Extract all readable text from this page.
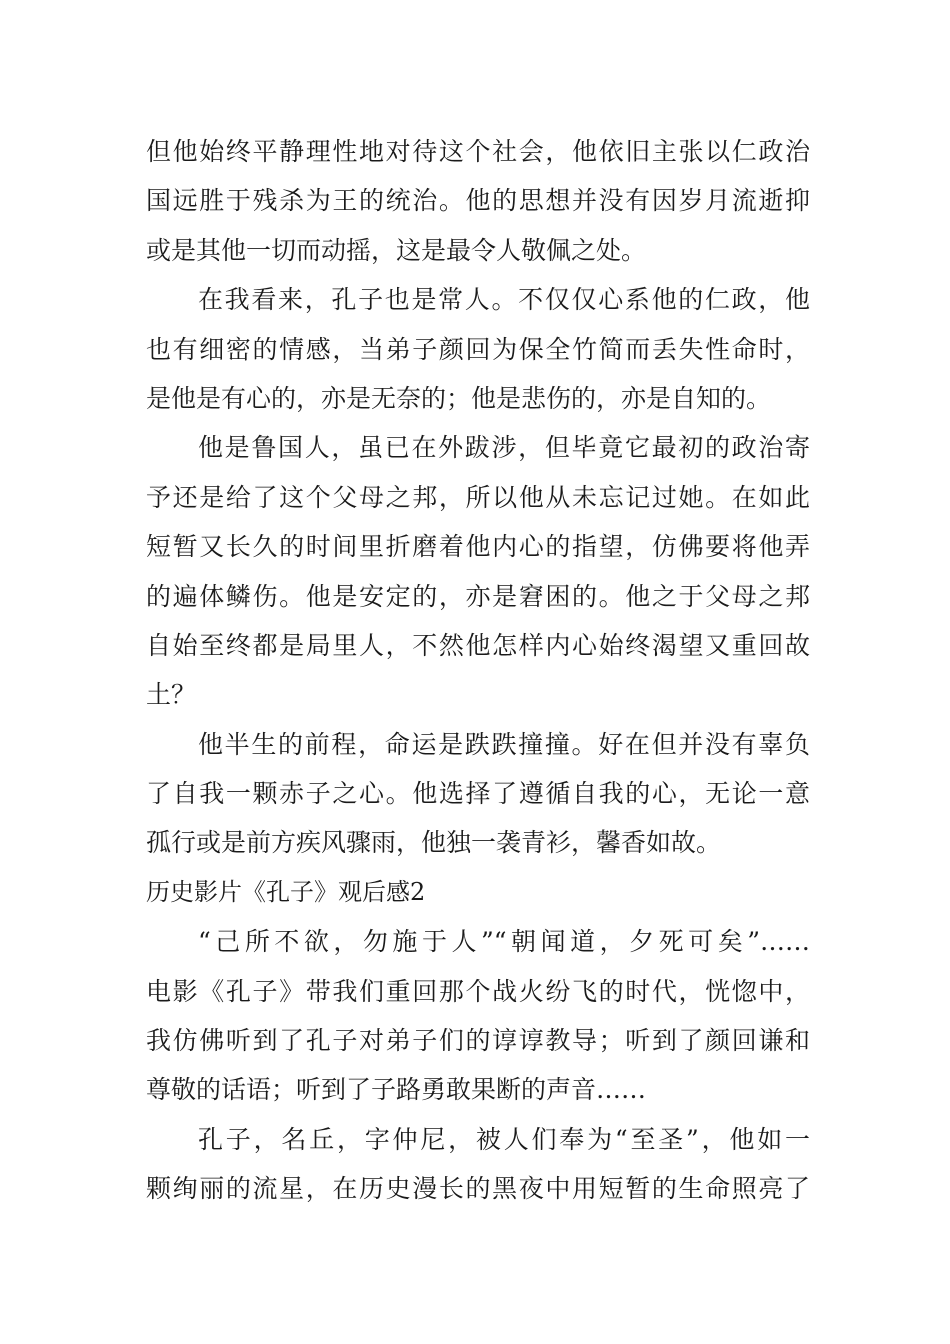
但他始终平静理性地对待这个社会，他依旧主张以仁政治
国远胜于残杀为王的统治。他的思想并没有因岁月流逝抑
或是其他一切而动摇，这是最令人敬佩之处。
在我看来，孔子也是常人。不仅仅心系他的仁政，他
也有细密的情感，当弟子颜回为保全竹简而丢失性命时，
是他是有心的，亦是无奈的；他是悲伤的，亦是自知的。
他是鲁国人，虽已在外跋涉，但毕竟它最初的政治寄
予还是给了这个父母之邦，所以他从未忘记过她。在如此
短暂又长久的时间里折磨着他内心的指望，仿佛要将他弄
的遍体鳞伤。他是安定的，亦是窘困的。他之于父母之邦
自始至终都是局里人，不然他怎样内心始终渴望又重回故
土？
他半生的前程，命运是跌跌撞撞。好在但并没有辜负
了自我一颗赤子之心。他选择了遵循自我的心，无论一意
孤行或是前方疾风骤雨，他独一袭青衫，馨香如故。
历史影片《孔子》观后感2
“己所不欲，勿施于人”“朝闻道，夕死可矣”……
电影《孔子》带我们重回那个战火纷飞的时代，恍惚中，
我仿佛听到了孔子对弟子们的谆谆教导；听到了颜回谦和
尊敬的话语；听到了子路勇敢果断的声音……
孔子，名丘，字仲尼，被人们奉为“至圣”，他如一
颗绚丽的流星，在历史漫长的黑夜中用短暂的生命照亮了
